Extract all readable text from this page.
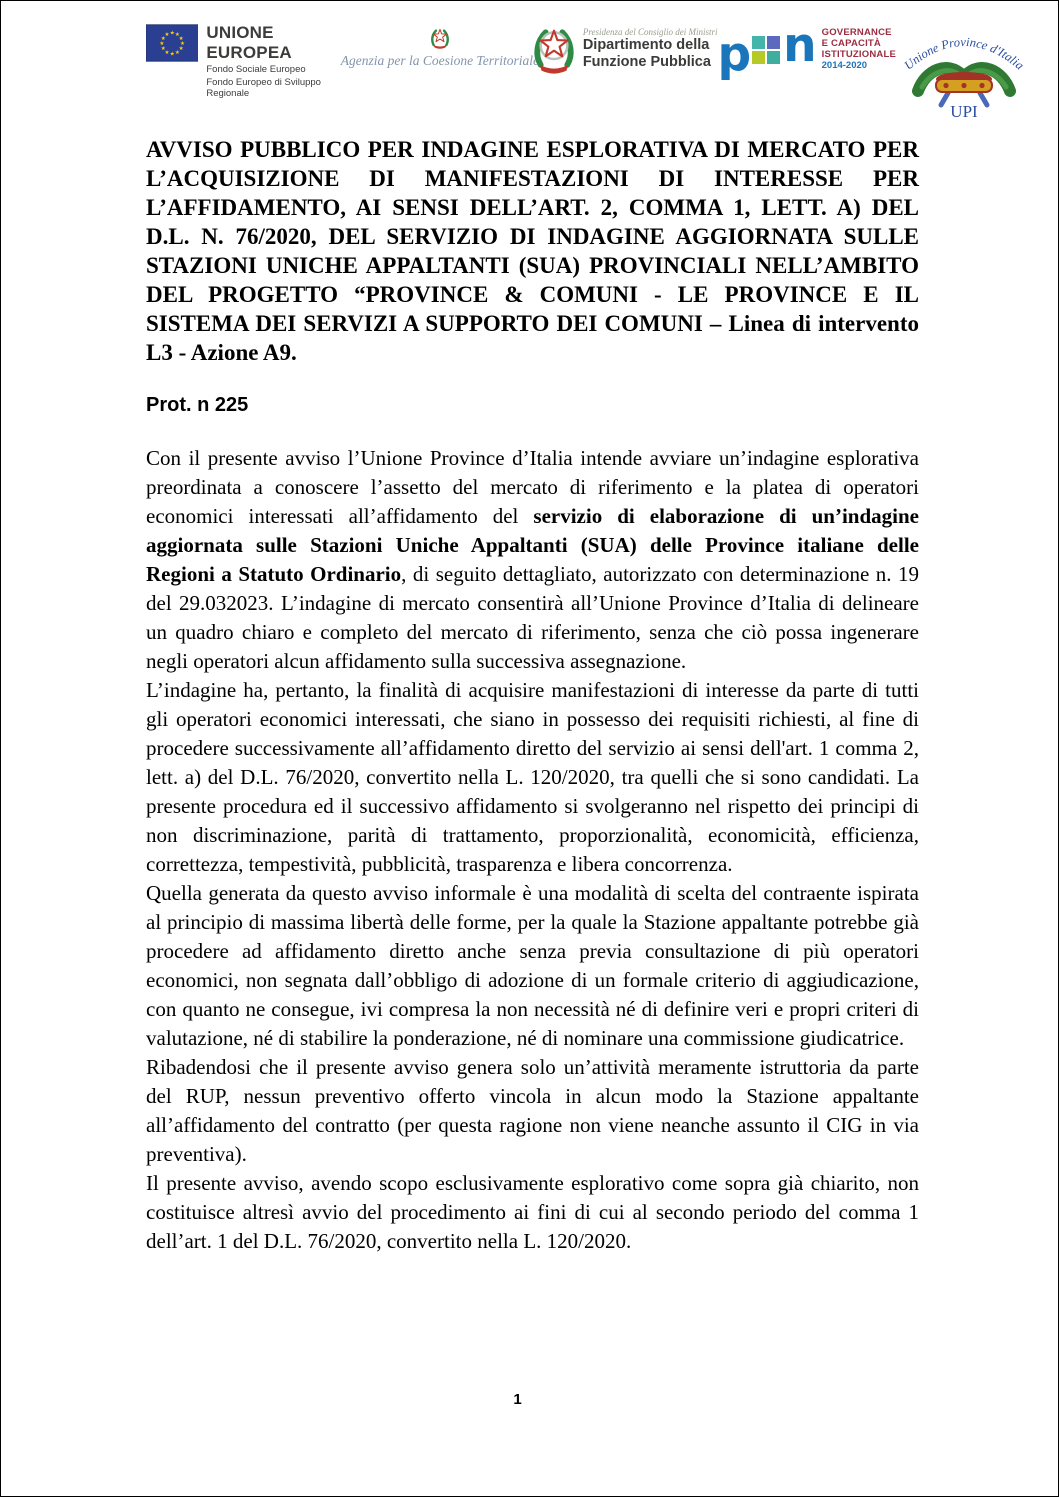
★ ★
★
★
★
★
★
★
★
★
★
★ UNIONE EUROPEA
Fondo Sociale Europeo
Fondo Europeo di Sviluppo Regionale
Agenzia per la Coesione Territoriale
Presidenza del Consiglio dei Ministri
Dipartimento della
Funzione Pubblica p n GOVERNANCE
E CAPACITÀ
ISTITUZIONALE
2014-2020	Unione Province d'Italia
UPI
AVVISO PUBBLICO PER INDAGINE ESPLORATIVA DI MERCATO PER L’ACQUISIZIONE DI MANIFESTAZIONI DI INTERESSE PER L’AFFIDAMENTO, AI SENSI DELL’ART. 2, COMMA 1, LETT. A) DEL D.L. N. 76/2020, DEL SERVIZIO DI INDAGINE AGGIORNATA SULLE STAZIONI UNICHE APPALTANTI (SUA) PROVINCIALI NELL’AMBITO DEL PROGETTO “PROVINCE & COMUNI - LE PROVINCE E IL SISTEMA DEI SERVIZI A SUPPORTO DEI COMUNI – Linea di intervento L3 - Azione A9.

Prot. n 225

Con il presente avviso l’Unione Province d’Italia intende avviare un’indagine esplorativa preordinata a conoscere l’assetto del mercato di riferimento e la platea di operatori economici interessati all’affidamento del servizio di elaborazione di un’indagine aggiornata sulle Stazioni Uniche Appaltanti (SUA) delle Province italiane delle Regioni a Statuto Ordinario, di seguito dettagliato, autorizzato con determinazione n. 19 del 29.032023. L’indagine di mercato consentirà all’Unione Province d’Italia di delineare un quadro chiaro e completo del mercato di riferimento, senza che ciò possa ingenerare negli operatori alcun affidamento sulla successiva assegnazione.

L’indagine ha, pertanto, la finalità di acquisire manifestazioni di interesse da parte di tutti gli operatori economici interessati, che siano in possesso dei requisiti richiesti, al fine di procedere successivamente all’affidamento diretto del servizio ai sensi dell'art. 1 comma 2, lett. a) del D.L. 76/2020, convertito nella L. 120/2020, tra quelli che si sono candidati. La presente procedura ed il successivo affidamento si svolgeranno nel rispetto dei principi di non discriminazione, parità di trattamento, proporzionalità, economicità, efficienza, correttezza, tempestività, pubblicità, trasparenza e libera concorrenza.

Quella generata da questo avviso informale è una modalità di scelta del contraente ispirata al principio di massima libertà delle forme, per la quale la Stazione appaltante potrebbe già procedere ad affidamento diretto anche senza previa consultazione di più operatori economici, non segnata dall’obbligo di adozione di un formale criterio di aggiudicazione, con quanto ne consegue, ivi compresa la non necessità né di definire veri e propri criteri di valutazione, né di stabilire la ponderazione, né di nominare una commissione giudicatrice.

Ribadendosi che il presente avviso genera solo un’attività meramente istruttoria da parte del RUP, nessun preventivo offerto vincola in alcun modo la Stazione appaltante all’affidamento del contratto (per questa ragione non viene neanche assunto il CIG in via preventiva).

Il presente avviso, avendo scopo esclusivamente esplorativo come sopra già chiarito, non costituisce altresì avvio del procedimento ai fini di cui al secondo periodo del comma 1 dell’art. 1 del D.L. 76/2020, convertito nella L. 120/2020.

1
